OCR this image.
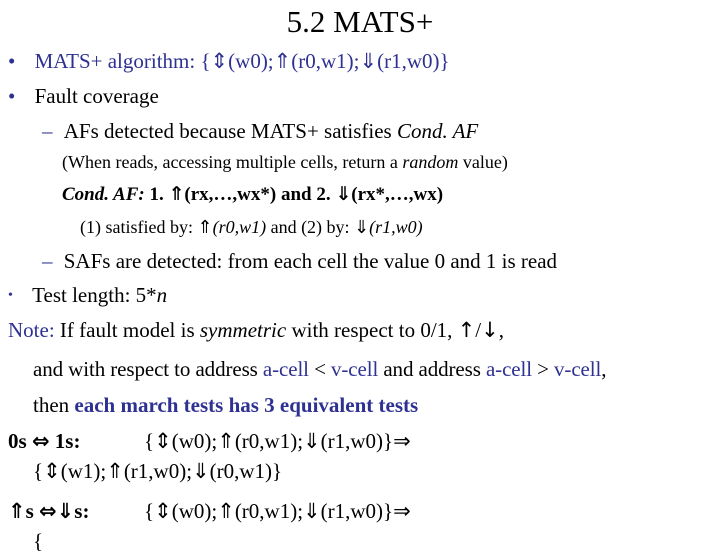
5.2 MATS+
• MATS+ algorithm: {⇕(w0);⇑(r0,w1);⇓(r1,w0)}
• Fault coverage
– AFs detected because MATS+ satisfies Cond. AF
(When reads, accessing multiple cells, return a random value)
Cond. AF: 1. ⇑(rx,…,wx*) and 2. ⇓(rx*,…,wx)
(1) satisfied by: ⇑(r0,w1) and (2) by: ⇓(r1,w0)
– SAFs are detected: from each cell the value 0 and 1 is read
• Test length: 5*n
Note: If fault model is symmetric with respect to 0/1, ↑/↓,
and with respect to address a-cell < v-cell and address a-cell > v-cell,
then each march tests has 3 equivalent tests
0s ⇔ 1s:	{⇕(w0);⇑(r0,w1);⇓(r1,w0)}⇒
{⇕(w1);⇑(r1,w0);⇓(r0,w1)}
⇑s ⇔⇓s:	{⇕(w0);⇑(r0,w1);⇓(r1,w0)}⇒
{
